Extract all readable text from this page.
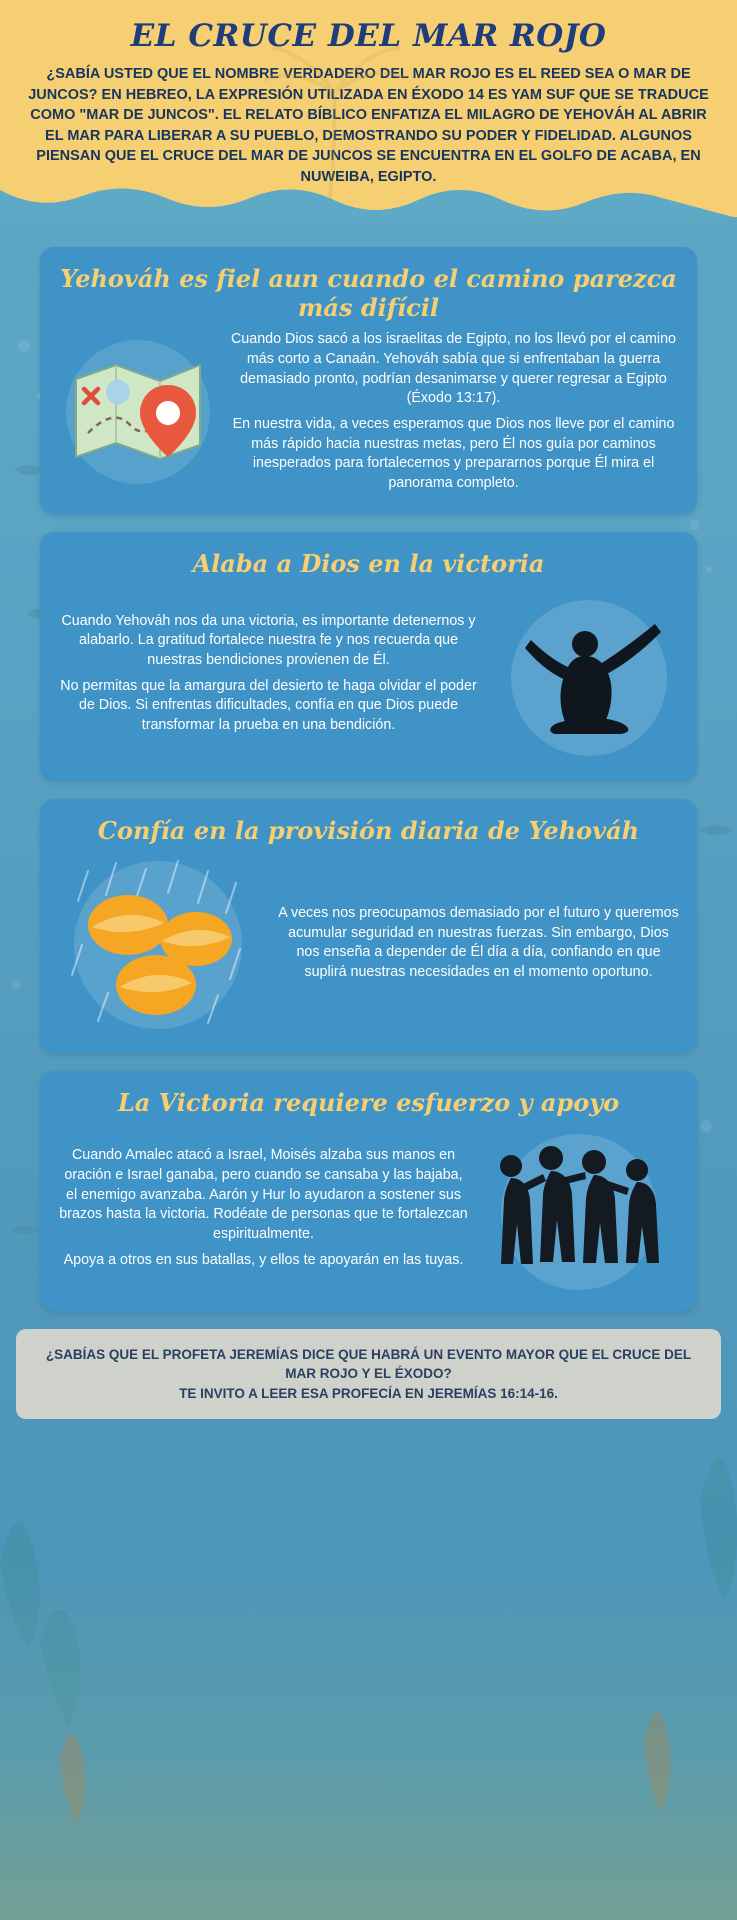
EL CRUCE DEL MAR ROJO

¿SABÍA USTED QUE EL NOMBRE VERDADERO DEL MAR ROJO ES EL REED SEA O MAR DE JUNCOS? EN HEBREO, LA EXPRESIÓN UTILIZADA EN ÉXODO 14 ES YAM SUF QUE SE TRADUCE COMO "MAR DE JUNCOS". EL RELATO BÍBLICO ENFATIZA EL MILAGRO DE YEHOVÁH AL ABRIR EL MAR PARA LIBERAR A SU PUEBLO, DEMOSTRANDO SU PODER Y FIDELIDAD. ALGUNOS PIENSAN QUE EL CRUCE DEL MAR DE JUNCOS SE ENCUENTRA EN EL GOLFO DE ACABA, EN NUWEIBA, EGIPTO.

Yehováh es fiel aun cuando el camino parezca más difícil

Cuando Dios sacó a los israelitas de Egipto, no los llevó por el camino más corto a Canaán. Yehováh sabía que si enfrentaban la guerra demasiado pronto, podrían desanimarse y querer regresar a Egipto (Éxodo 13:17).

En nuestra vida, a veces esperamos que Dios nos lleve por el camino más rápido hacia nuestras metas, pero Él nos guía por caminos inesperados para fortalecernos y prepararnos porque Él mira el panorama completo.

Alaba a Dios en la victoria

Cuando Yehováh nos da una victoria, es importante detenernos y alabarlo. La gratitud fortalece nuestra fe y nos recuerda que nuestras bendiciones provienen de Él.

No permitas que la amargura del desierto te haga olvidar el poder de Dios. Si enfrentas dificultades, confía en que Dios puede transformar la prueba en una bendición.

Confía en la provisión diaria de Yehováh

A veces nos preocupamos demasiado por el futuro y queremos acumular seguridad en nuestras fuerzas. Sin embargo, Dios nos enseña a depender de Él día a día, confiando en que suplirá nuestras necesidades en el momento oportuno.

La Victoria requiere esfuerzo y apoyo

Cuando Amalec atacó a Israel, Moisés alzaba sus manos en oración e Israel ganaba, pero cuando se cansaba y las bajaba, el enemigo avanzaba. Aarón y Hur lo ayudaron a sostener sus brazos hasta la victoria. Rodéate de personas que te fortalezcan espiritualmente.

Apoya a otros en sus batallas, y ellos te apoyarán en las tuyas.

¿SABÍAS QUE EL PROFETA JEREMÍAS DICE QUE HABRÁ UN EVENTO MAYOR QUE EL CRUCE DEL MAR ROJO Y EL ÉXODO?

TE INVITO A LEER ESA PROFECÍA EN JEREMÍAS 16:14-16.
